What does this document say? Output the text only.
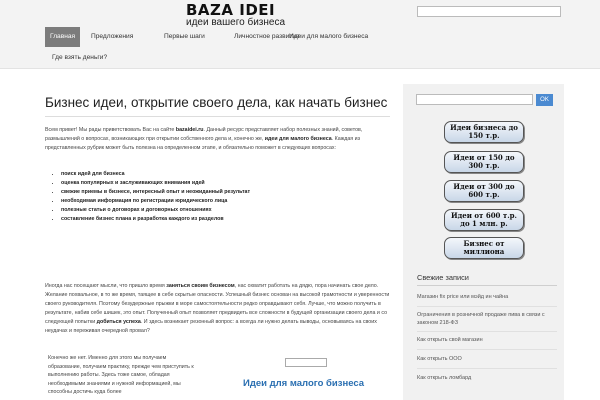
BAZA IDEI
идеи вашего бизнеса
Главная	Предложения	Первые шаги	Личностное развитие
Идеи для малого бизнеса
Где взять деньги?
Бизнес идеи, открытие своего дела, как начать бизнес
Всем привет! Мы рады приветствовать Вас на сайте bazaidei.ru. Данный ресурс представляет набор полезных знаний, советов, размышлений о вопросах, возникающих при открытии собственного дела и, конечно же, идеи для малого бизнеса. Каждая из представленных рубрик может быть полезна на определенном этапе, и обязательно поможет в следующих вопросах:
• поиск идей для бизнеса
• оценка популярных и заслуживающих внимания идей
• свежие приемы в бизнесе, интересный опыт и неожиданный результат
• необходимая информация по регистрации юридического лица
• полезные статьи о договорах и договорных отношениях
• составление бизнес плана и разработка каждого из разделов
Иногда нас посещают мысли, что пришло время заняться своим бизнесом, нас охватит работать на дядю, пора начинать свое дело. Желание похвальное, в то же время, таящее в себе скрытые опасности. Успешный бизнес основан на высокой грамотности и уверенности своего руководителя. Поэтому безудержные прыжки в море самостоятельности редко оправдывают себя. Лучше, что можно получить в результате, набив себе шишек, это опыт. Полученный опыт позволяет предвидеть все сложности в будущей организации своего дела и со следующей попытки добиться успеха. И здесь возникает резонный вопрос: а всегда ли нужно делать выводы, основываясь на своих неудачах и переживая очередной провал?
Конечно же нет. Именно для этого мы получаем образование, получаем практику, прежде чем приступить к выполнению работы. Здесь тоже самое, обладая необходимыми знаниями и нужной информацией, мы способны достичь куда более
Идеи для малого бизнеса
OK
Идеи бизнеса до 150 т.р.
Идеи от 150 до 300 т.р.
Идеи от 300 до 600 т.р.
Идеи от 600 т.р. до 1 млн. р.
Бизнес от миллиона
Свежие записи
Магазин fix price или мэйд ин чайна
Ограничения в розничной продаже пива в связи с законом 218-ФЗ
Как открыть свой магазин
Как открыть ООО
Как открыть ломбард
